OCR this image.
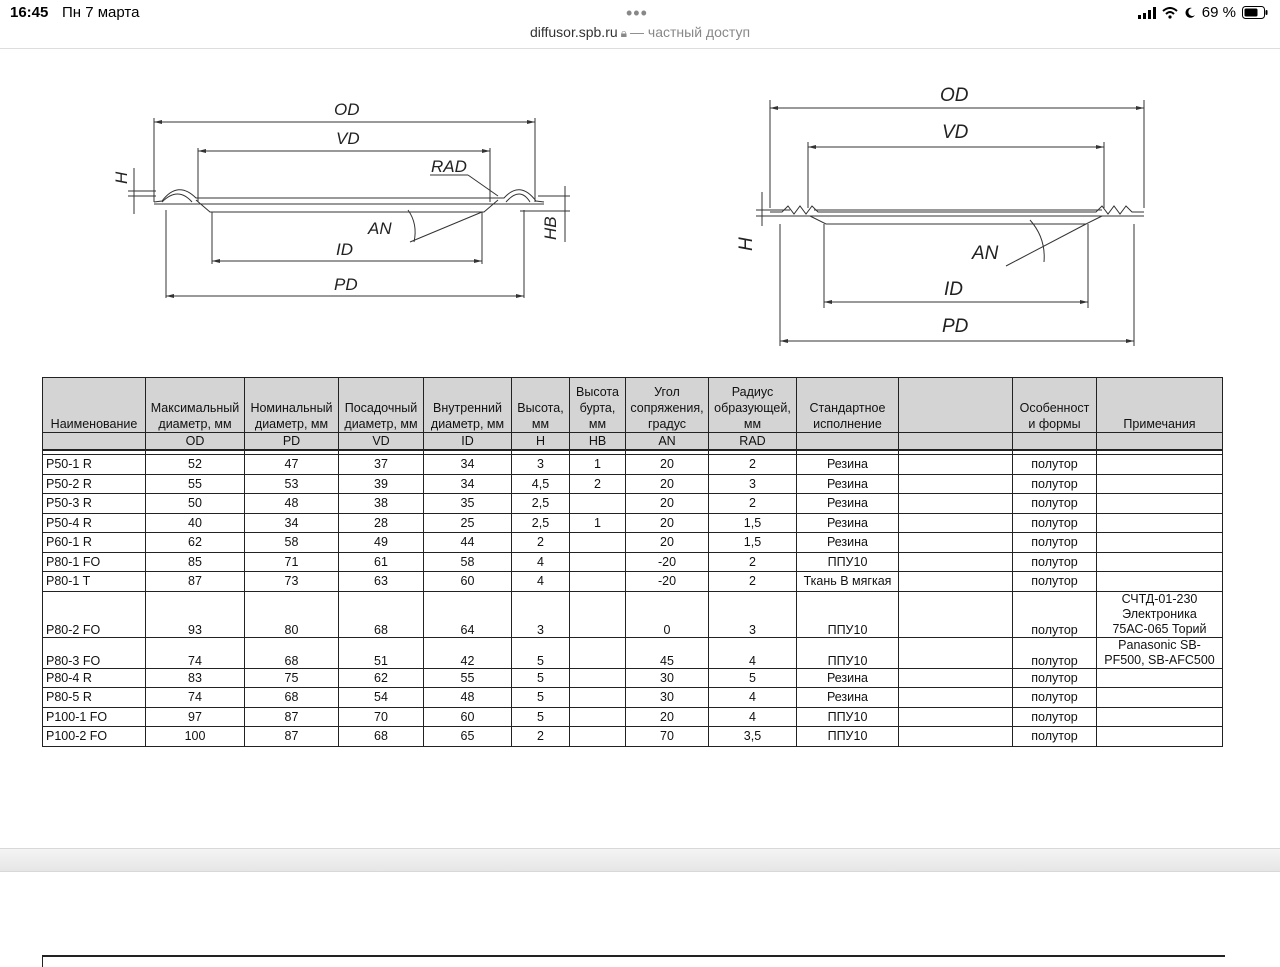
16:45 Пн 7 марта	•••	69 %
diffusor.spb.ru 🔒︎ — частный доступ
OD
VD
RAD
AN
ID
PD
H
HB
OD
VD
AN
ID
PD
H
Наименование	Максимальный диаметр, мм	Номинальный диаметр, мм	Посадочный диаметр, мм	Внутренний диаметр, мм	Высота, мм	Высота бурта, мм	Угол сопряжения, градус	Радиус образующей, мм	Стандартное исполнение		Особенност и формы	Примечания
	OD	PD	VD	ID	H	HB	AN	RAD				

P50-1 R	52	47	37	34	3	1	20	2	Резина		полутор	
P50-2 R	55	53	39	34	4,5	2	20	3	Резина		полутор	
P50-3 R	50	48	38	35	2,5		20	2	Резина		полутор	
P50-4 R	40	34	28	25	2,5	1	20	1,5	Резина		полутор	
P60-1 R	62	58	49	44	2		20	1,5	Резина		полутор	
P80-1 FO	85	71	61	58	4		-20	2	ППУ10		полутор	
P80-1 T	87	73	63	60	4		-20	2	Ткань В мягкая		полутор	
P80-2 FO	93	80	68	64	3		0	3	ППУ10		полутор	СЧТД-01-230 Электроника 75АС-065 Торий
P80-3 FO	74	68	51	42	5		45	4	ППУ10		полутор	Panasonic SB-PF500, SB-AFC500
P80-4 R	83	75	62	55	5		30	5	Резина		полутор	
P80-5 R	74	68	54	48	5		30	4	Резина		полутор	
P100-1 FO	97	87	70	60	5		20	4	ППУ10		полутор	
P100-2 FO	100	87	68	65	2		70	3,5	ППУ10		полутор	
